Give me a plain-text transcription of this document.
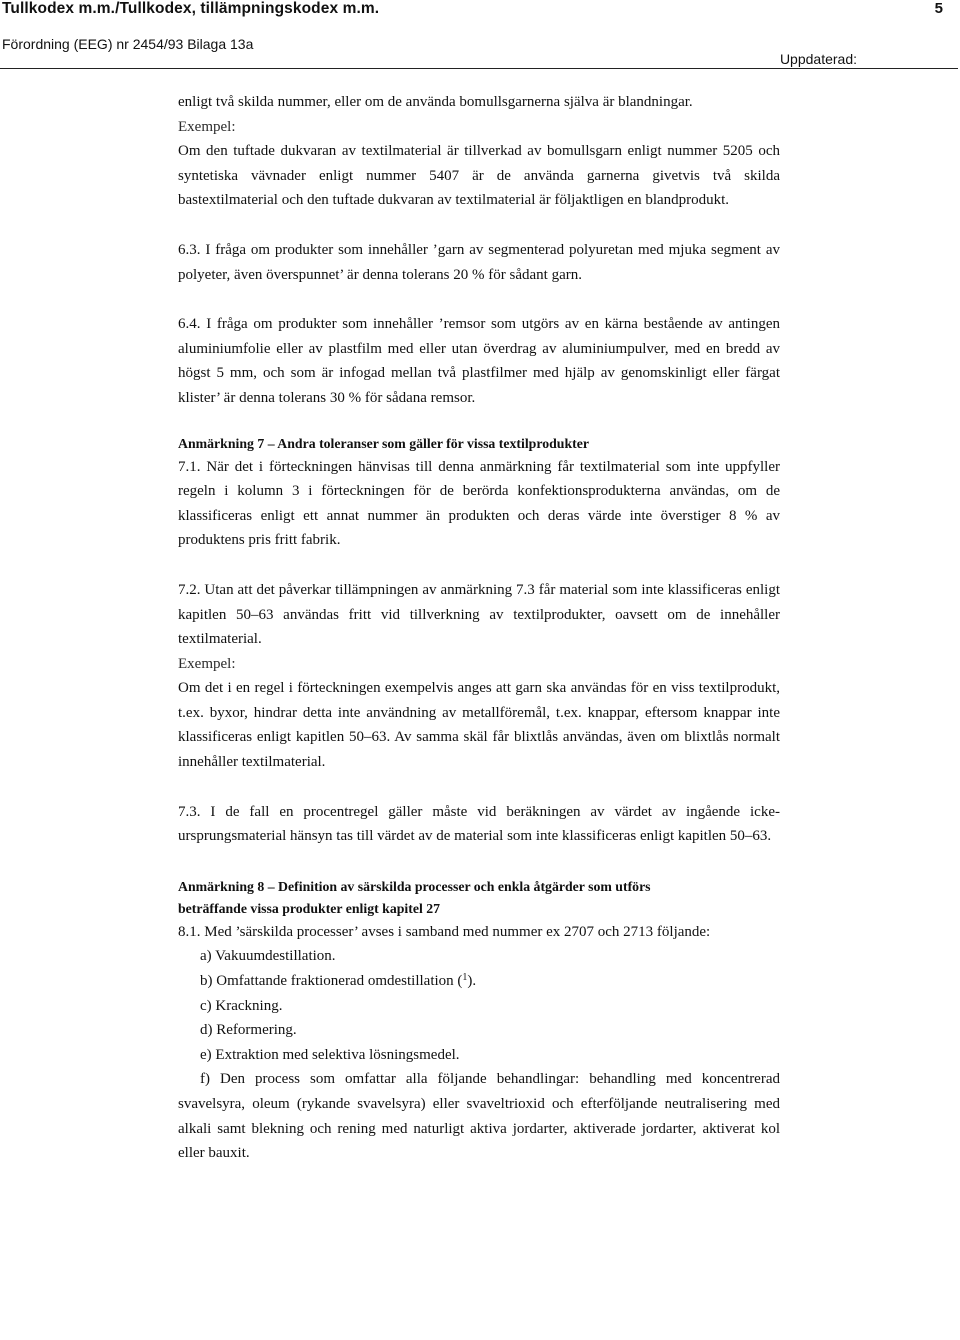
Tullkodex m.m./Tullkodex, tillämpningskodex m.m.
Förordning (EEG) nr 2454/93 Bilaga 13a
5
Uppdaterad:

enligt två skilda nummer, eller om de använda bomullsgarnerna själva är blandningar.

Exempel:

Om den tuftade dukvaran av textilmaterial är tillverkad av bomullsgarn enligt nummer 5205 och syntetiska vävnader enligt nummer 5407 är de använda garnerna givetvis två skilda bastextilmaterial och den tuftade dukvaran av textilmaterial är följaktligen en blandprodukt.

6.3. I fråga om produkter som innehåller ’garn av segmenterad polyuretan med mjuka segment av polyeter, även överspunnet’ är denna tolerans 20 % för sådant garn.

6.4. I fråga om produkter som innehåller ’remsor som utgörs av en kärna bestående av antingen aluminiumfolie eller av plastfilm med eller utan överdrag av aluminiumpulver, med en bredd av högst 5 mm, och som är infogad mellan två plastfilmer med hjälp av genomskinligt eller färgat klister’ är denna tolerans 30 % för sådana remsor.

Anmärkning 7 – Andra toleranser som gäller för vissa textilprodukter

7.1. När det i förteckningen hänvisas till denna anmärkning får textilmaterial som inte uppfyller regeln i kolumn 3 i förteckningen för de berörda konfektionsprodukterna användas, om de klassificeras enligt ett annat nummer än produkten och deras värde inte överstiger 8 % av produktens pris fritt fabrik.

7.2. Utan att det påverkar tillämpningen av anmärkning 7.3 får material som inte klassificeras enligt kapitlen 50–63 användas fritt vid tillverkning av textilprodukter, oavsett om de innehåller textilmaterial.

Exempel:

Om det i en regel i förteckningen exempelvis anges att garn ska användas för en viss textilprodukt, t.ex. byxor, hindrar detta inte användning av metallföremål, t.ex. knappar, eftersom knappar inte klassificeras enligt kapitlen 50–63. Av samma skäl får blixtlås användas, även om blixtlås normalt innehåller textilmaterial.

7.3. I de fall en procentregel gäller måste vid beräkningen av värdet av ingående icke-ursprungsmaterial hänsyn tas till värdet av de material som inte klassificeras enligt kapitlen 50–63.

Anmärkning 8 – Definition av särskilda processer och enkla åtgärder som utförs

beträffande vissa produkter enligt kapitel 27

8.1. Med ’särskilda processer’ avses i samband med nummer ex 2707 och 2713 följande:

a) Vakuumdestillation.

b) Omfattande fraktionerad omdestillation ($^1$).

c) Krackning.

d) Reformering.

e) Extraktion med selektiva lösningsmedel.

f) Den process som omfattar alla följande behandlingar: behandling med koncentrerad svavelsyra, oleum (rykande svavelsyra) eller svaveltrioxid och efterföljande neutralisering med alkali samt blekning och rening med naturligt aktiva jordarter, aktiverade jordarter, aktiverat kol eller bauxit.
